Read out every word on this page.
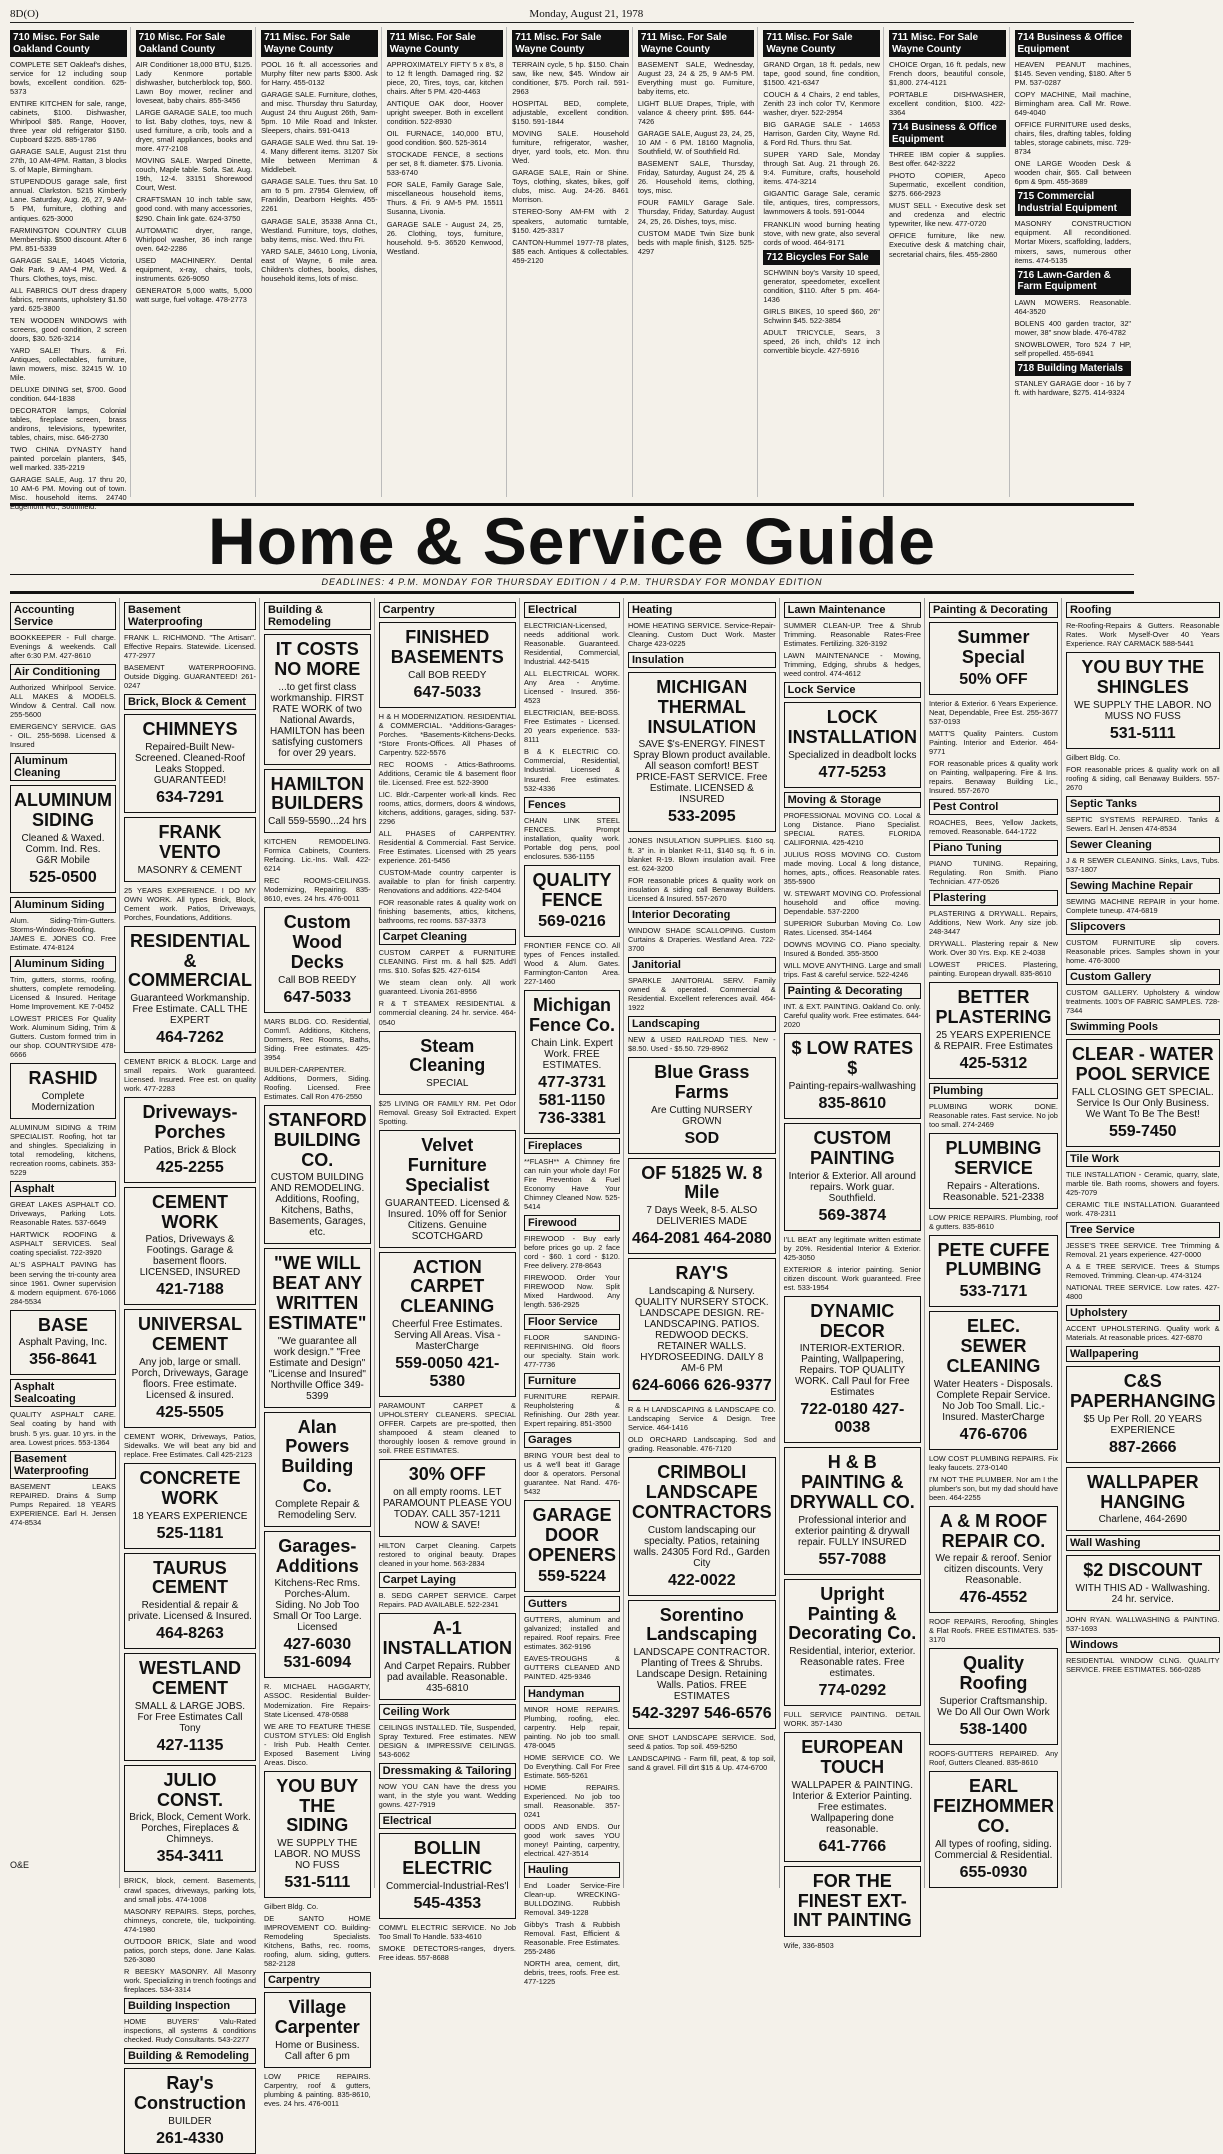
8D(O)	Monday, August 21, 1978
710 Misc. For Sale Oakland County

COMPLETE SET Oakleaf's dishes, service for 12 including soup bowls, excellent condition. 625-5373

ENTIRE KITCHEN for sale, range, cabinets, $100. Dishwasher, Whirlpool $85. Range, Hoover, three year old refrigerator $150. Cupboard $225. 885-1786

GARAGE SALE, August 21st thru 27th, 10 AM-4PM. Rattan, 3 blocks S. of Maple, Birmingham.

STUPENDOUS garage sale, first annual. Clarkston. 5215 Kimberly Lane. Saturday, Aug. 26, 27, 9 AM-5 PM, furniture, clothing and antiques. 625-3000

FARMINGTON COUNTRY CLUB Membership. $500 discount. After 6 PM. 851-5339

GARAGE SALE, 14045 Victoria, Oak Park. 9 AM-4 PM, Wed. & Thurs. Clothes, toys, misc.

ALL FABRICS OUT dress drapery fabrics, remnants, upholstery $1.50 yard. 625-3800

TEN WOODEN WINDOWS with screens, good condition, 2 screen doors, $30. 526-3214

YARD SALE! Thurs. & Fri. Antiques, collectables, furniture, lawn mowers, misc. 32415 W. 10 Mile.

DELUXE DINING set, $700. Good condition. 644-1838

DECORATOR lamps, Colonial tables, fireplace screen, brass andirons, televisions, typewriter, tables, chairs, misc. 646-2730

TWO CHINA DYNASTY hand painted porcelain planters, $45, well marked. 335-2219

GARAGE SALE, Aug. 17 thru 20, 10 AM-6 PM. Moving out of town. Misc. household items. 24740 Edgemont Rd., Southfield.

710 Misc. For Sale Oakland County

AIR Conditioner 18,000 BTU, $125. Lady Kenmore portable dishwasher, butcherblock top, $60. Lawn Boy mower, recliner and loveseat, baby chairs. 855-3456

LARGE GARAGE SALE, too much to list. Baby clothes, toys, new & used furniture, a crib, tools and a dryer, small appliances, books and more. 477-2108

MOVING SALE. Warped Dinette, couch, Maple table. Sofa. Sat. Aug. 19th, 12-4. 33151 Shorewood Court, West.

CRAFTSMAN 10 inch table saw, good cond. with many accessories, $290. Chain link gate. 624-3750

AUTOMATIC dryer, range, Whirlpool washer, 36 inch range oven. 642-2286

USED MACHINERY. Dental equipment, x-ray, chairs, tools, instruments. 626-9050

GENERATOR 5,000 watts, 5,000 watt surge, fuel voltage. 478-2773

711 Misc. For Sale Wayne County

POOL 16 ft. all accessories and Murphy filter new parts $300. Ask for Harry. 455-0132

GARAGE SALE. Furniture, clothes, and misc. Thursday thru Saturday, August 24 thru August 26th, 9am-5pm. 10 Mile Road and Inkster. Sleepers, chairs. 591-0413

GARAGE SALE Wed. thru Sat. 19-4. Many different items. 31207 Six Mile between Merriman & Middlebelt.

GARAGE SALE. Tues. thru Sat. 10 am to 5 pm. 27954 Glenview, off Franklin, Dearborn Heights. 455-2261

GARAGE SALE, 35338 Anna Ct., Westland. Furniture, toys, clothes, baby items, misc. Wed. thru Fri.

YARD SALE, 34610 Long, Livonia, east of Wayne, 6 mile area. Children's clothes, books, dishes, household items, lots of misc.

711 Misc. For Sale Wayne County

APPROXIMATELY FIFTY 5 x 8's, 8 to 12 ft length. Damaged ring. $2 piece, 20, Tires, toys, car, kitchen chairs. After 5 PM. 420-4463

ANTIQUE OAK door, Hoover upright sweeper. Both in excellent condition. 522-8930

OIL FURNACE, 140,000 BTU, good condition. $60. 525-3614

STOCKADE FENCE, 8 sections per set, 8 ft. diameter. $75. Livonia. 533-6740

FOR SALE, Family Garage Sale, miscellaneous household items, Thurs. & Fri. 9 AM-5 PM. 15511 Susanna, Livonia.

GARAGE SALE - August 24, 25, 26. Clothing, toys, furniture, household. 9-5. 36520 Kenwood, Westland.

711 Misc. For Sale Wayne County

TERRAIN cycle, 5 hp. $150. Chain saw, like new, $45. Window air conditioner, $75. Porch rail. 591-2963

HOSPITAL BED, complete, adjustable, excellent condition. $150. 591-1844

MOVING SALE. Household furniture, refrigerator, washer, dryer, yard tools, etc. Mon. thru Wed.

GARAGE SALE, Rain or Shine. Toys, clothing, skates, bikes, golf clubs, misc. Aug. 24-26. 8461 Morrison.

STEREO-Sony AM-FM with 2 speakers, automatic turntable, $150. 425-3317

CANTON-Hummel 1977-78 plates, $85 each. Antiques & collectables. 459-2120

711 Misc. For Sale Wayne County

BASEMENT SALE, Wednesday, August 23, 24 & 25, 9 AM-5 PM. Everything must go. Furniture, baby items, etc.

LIGHT BLUE Drapes, Triple, with valance & cheery print. $95. 644-7426

GARAGE SALE, August 23, 24, 25, 10 AM - 6 PM. 18160 Magnolia, Southfield, W. of Southfield Rd.

BASEMENT SALE, Thursday, Friday, Saturday, August 24, 25 & 26. Household items, clothing, toys, misc.

FOUR FAMILY Garage Sale. Thursday, Friday, Saturday. August 24, 25, 26. Dishes, toys, misc.

CUSTOM MADE Twin Size bunk beds with maple finish, $125. 525-4297

711 Misc. For Sale Wayne County

GRAND Organ, 18 ft. pedals, new tape, good sound, fine condition, $1500. 421-6347

COUCH & 4 Chairs, 2 end tables, Zenith 23 inch color TV, Kenmore washer, dryer. 522-2954

BIG GARAGE SALE - 14653 Harrison, Garden City, Wayne Rd. & Ford Rd. Thurs. thru Sat.

SUPER YARD Sale, Monday through Sat. Aug. 21 through 26. 9:4. Furniture, crafts, household items. 474-3214

GIGANTIC Garage Sale, ceramic tile, antiques, tires, compressors, lawnmowers & tools. 591-0044

FRANKLIN wood burning heating stove, with new grate, also several cords of wood. 464-9171

712 Bicycles For Sale

SCHWINN boy's Varsity 10 speed, generator, speedometer, excellent condition, $110. After 5 pm. 464-1436

GIRLS BIKES, 10 speed $60, 26" Schwinn $45. 522-3854

ADULT TRICYCLE, Sears, 3 speed, 26 inch, child's 12 inch convertible bicycle. 427-5916

711 Misc. For Sale Wayne County

CHOICE Organ, 16 ft. pedals, new French doors, beautiful console, $1,800. 274-4121

PORTABLE DISHWASHER, excellent condition, $100. 422-3364

714 Business & Office Equipment

THREE IBM copier & supplies. Best offer. 642-3222

PHOTO COPIER, Apeco Supermatic, excellent condition, $275. 666-2923

MUST SELL - Executive desk set and credenza and electric typewriter, like new. 477-0720

OFFICE furniture, like new. Executive desk & matching chair, secretarial chairs, files. 455-2860

714 Business & Office Equipment

HEAVEN PEANUT machines, $145. Seven vending, $180. After 5 PM. 537-0287

COPY MACHINE, Mail machine, Birmingham area. Call Mr. Rowe. 649-4040

OFFICE FURNITURE used desks, chairs, files, drafting tables, folding tables, storage cabinets, misc. 729-8734

ONE LARGE Wooden Desk & wooden chair, $65. Call between 6pm & 9pm. 455-3689

715 Commercial Industrial Equipment

MASONRY CONSTRUCTION equipment. All reconditioned. Mortar Mixers, scaffolding, ladders, mixers, saws, numerous other items. 474-5135

716 Lawn-Garden & Farm Equipment

LAWN MOWERS. Reasonable. 464-3520

BOLENS 400 garden tractor, 32" mower, 38" snow blade. 476-4782

SNOWBLOWER, Toro 524 7 HP, self propelled. 455-6941

718 Building Materials

STANLEY GARAGE door - 16 by 7 ft. with hardware, $275. 414-9324

Home & Service Guide
DEADLINES: 4 P.M. MONDAY FOR THURSDAY EDITION / 4 P.M. THURSDAY FOR MONDAY EDITION
Accounting Service

BOOKKEEPER - Full charge. Evenings & weekends. Call after 6:30 P.M. 427-8610

Air Conditioning

Authorized Whirlpool Service. ALL MAKES & MODELS. Window & Central. Call now. 255-5600

EMERGENCY SERVICE. GAS - OIL. 255-5698. Licensed & Insured

Aluminum Cleaning
ALUMINUM SIDING
Cleaned & Waxed. Comm. Ind. Res. G&R Mobile
525-0500
Aluminum Siding

Alum. Siding-Trim-Gutters. Storms-Windows-Roofing. JAMES E. JONES CO. Free Estimate. 474-8124

Aluminum Siding

Trim, gutters, storms, roofing, shutters, complete remodeling. Licensed & Insured. Heritage Home Improvement. KE 7-0452

LOWEST PRICES For Quality Work. Aluminum Siding, Trim & Gutters. Custom formed trim in our shop. COUNTRYSIDE 478-6666

RASHID
Complete Modernization

ALUMINUM SIDING & TRIM SPECIALIST. Roofing, hot tar and shingles. Specializing in total remodeling, kitchens, recreation rooms, cabinets. 353-5229

Asphalt

GREAT LAKES ASPHALT CO. Driveways, Parking Lots. Reasonable Rates. 537-6649

HARTWICK ROOFING & ASPHALT SERVICES. Seal coating specialist. 722-3920

AL'S ASPHALT PAVING has been serving the tri-county area since 1961. Owner supervision & modern equipment. 676-1066 284-5534

BASE
Asphalt Paving, Inc.
356-8641
Asphalt Sealcoating

QUALITY ASPHALT CARE. Seal coating by hand with brush. 5 yrs. guar. 10 yrs. in the area. Lowest prices. 553-1364

Basement Waterproofing

BASEMENT LEAKS REPAIRED. Drains & Sump Pumps Repaired. 18 YEARS EXPERIENCE. Earl H. Jensen 474-8534

Basement Waterproofing

FRANK L. RICHMOND. "The Artisan". Effective Repairs. Statewide. Licensed. 477-2977

BASEMENT WATERPROOFING. Outside Digging. GUARANTEED! 261-0247

Brick, Block & Cement
CHIMNEYS
Repaired-Built New-Screened. Cleaned-Roof Leaks Stopped. GUARANTEED!
634-7291
FRANK VENTO
MASONRY & CEMENT

25 YEARS EXPERIENCE. I DO MY OWN WORK. All types Brick, Block, Cement work. Patios, Driveways, Porches, Foundations, Additions.

RESIDENTIAL & COMMERCIAL
Guaranteed Workmanship. Free Estimate. CALL THE EXPERT
464-7262

CEMENT BRICK & BLOCK. Large and small repairs. Work guaranteed. Licensed. Insured. Free est. on quality work. 477-2283

Driveways-Porches
Patios, Brick & Block
425-2255
CEMENT WORK
Patios, Driveways & Footings. Garage & basement floors. LICENSED, INSURED
421-7188
UNIVERSAL CEMENT
Any job, large or small. Porch, Driveways, Garage floors. Free estimate. Licensed & insured.
425-5505

CEMENT WORK, Driveways, Patios, Sidewalks. We will beat any bid and replace. Free Estimates. Call 425-2123

CONCRETE WORK
18 YEARS EXPERIENCE
525-1181
TAURUS CEMENT
Residential & repair & private. Licensed & Insured.
464-8263
WESTLAND CEMENT
SMALL & LARGE JOBS. For Free Estimates Call Tony
427-1135
JULIO CONST.
Brick, Block, Cement Work. Porches, Fireplaces & Chimneys.
354-3411

BRICK, block, cement. Basements, crawl spaces, driveways, parking lots, and small jobs. 474-1008

MASONRY REPAIRS. Steps, porches, chimneys, concrete, tile, tuckpointing. 474-1980

OUTDOOR BRICK, Slate and wood patios, porch steps, done. Jane Kalas. 526-3080

R BEESKY MASONRY. All Masonry work. Specializing in trench footings and fireplaces. 534-3314

Building Inspection

HOME BUYERS' Valu-Rated inspections, all systems & conditions checked. Rudy Consultants. 543-2277

Building & Remodeling
Ray's Construction
BUILDER
261-4330
Building & Remodeling
IT COSTS NO MORE
...to get first class workmanship. FIRST RATE WORK of two National Awards, HAMILTON has been satisfying customers for over 29 years.
HAMILTON BUILDERS
Call 559-5590...24 hrs

KITCHEN REMODELING. Formica Cabinets, Counters. Refacing. Lic.-Ins. Wall. 422-6214

REC ROOMS-CEILINGS. Modernizing, Repairing. 835-8610, eves. 24 hrs. 476-0011

Custom Wood Decks
Call BOB REEDY
647-5033

MARS BLDG. CO. Residential, Comm'l. Additions, Kitchens, Dormers, Rec Rooms, Baths, Siding. Free estimates. 425-3954

BUILDER-CARPENTER. Additions, Dormers, Siding. Roofing. Licensed. Free Estimates. Call Ron 476-2550

STANFORD BUILDING CO.
CUSTOM BUILDING AND REMODELING. Additions, Roofing, Kitchens, Baths, Basements, Garages, etc.
"WE WILL BEAT ANY WRITTEN ESTIMATE"
"We guarantee all work design." "Free Estimate and Design" "License and Insured" Northville Office 349-5399
Alan Powers Building Co.
Complete Repair & Remodeling Serv.
Garages-Additions
Kitchens-Rec Rms. Porches-Alum. Siding. No Job Too Small Or Too Large. Licensed
427-6030 531-6094

R. MICHAEL HAGGARTY, ASSOC. Residential Builder-Modernization. Fire Repairs-State Licensed. 478-0588

WE ARE TO FEATURE THESE CUSTOM STYLES: Old English - Irish Pub. Health Center. Exposed Basement Living Areas. Disco.

YOU BUY THE SIDING
WE SUPPLY THE LABOR. NO MUSS NO FUSS
531-5111

Gilbert Bldg. Co.

DE SANTO HOME IMPROVEMENT CO. Building-Remodeling Specialists. Kitchens, Baths, rec. rooms, roofing, alum. siding, gutters. 582-2128

Carpentry
Village Carpenter
Home or Business. Call after 6 pm

LOW PRICE REPAIRS. Carpentry, roof & gutters, plumbing & painting. 835-8610, eves. 24 hrs. 476-0011

Carpentry
FINISHED BASEMENTS
Call BOB REEDY
647-5033

H & H MODERNIZATION. RESIDENTIAL & COMMERCIAL. *Additions-Garages-Porches. *Basements-Kitchens-Decks. *Store Fronts-Offices. All Phases of Carpentry. 522-5576

REC ROOMS - Attics-Bathrooms. Additions, Ceramic tile & basement floor tile. Licensed. Free est. 522-3900

LIC. Bldr.-Carpenter work-all kinds. Rec rooms, attics, dormers, doors & windows, kitchens, additions, garages, siding. 537-2296

ALL PHASES of CARPENTRY. Residential & Commercial. Fast Service. Free Estimates. Licensed with 25 years experience. 261-5456

CUSTOM-Made country carpenter is available to plan for finish carpentry. Renovations and additions. 422-5404

FOR reasonable rates & quality work on finishing basements, attics, kitchens, bathrooms, rec rooms. 537-3373

Carpet Cleaning

CUSTOM CARPET & FURNITURE CLEANING. First rm. & hall $25. Add'l rms. $10. Sofas $25. 427-6154

We steam clean only. All work guaranteed. Livonia 261-8956

R & T STEAMEX RESIDENTIAL & commercial cleaning. 24 hr. service. 464-0540

Steam Cleaning
SPECIAL

$25 LIVING OR FAMILY RM. Pet Odor Removal. Greasy Soil Extracted. Expert Spotting.

Velvet Furniture Specialist
GUARANTEED. Licensed & Insured. 10% off for Senior Citizens. Genuine SCOTCHGARD
ACTION CARPET CLEANING
Cheerful Free Estimates. Serving All Areas. Visa - MasterCharge
559-0050 421-5380

PARAMOUNT CARPET & UPHOLSTERY CLEANERS. SPECIAL OFFER. Carpets are pre-spotted, then shampooed & steam cleaned to thoroughly loosen & remove ground in soil. FREE ESTIMATES.

30% OFF
on all empty rooms. LET PARAMOUNT PLEASE YOU TODAY. CALL 357-1211 NOW & SAVE!

HILTON Carpet Cleaning. Carpets restored to original beauty. Drapes cleaned in your home. 563-2834

Carpet Laying

B. SEDG CARPET SERVICE. Carpet Repairs. PAD AVAILABLE. 522-2341

A-1 INSTALLATION
And Carpet Repairs. Rubber pad available. Reasonable. 435-6810
Ceiling Work

CEILINGS INSTALLED. Tile, Suspended, Spray Textured. Free estimates. NEW DESIGN & IMPRESSIVE CEILINGS. 543-6062

Dressmaking & Tailoring

NOW YOU CAN have the dress you want, in the style you want. Wedding gowns. 427-7919

Electrical
BOLLIN ELECTRIC
Commercial-Industrial-Res'l
545-4353

COMM'L ELECTRIC SERVICE. No Job Too Small To Handle. 533-4610

SMOKE DETECTORS-ranges, dryers. Free ideas. 557-8688

Electrical

ELECTRICIAN-Licensed, needs additional work. Reasonable. Guaranteed. Residential, Commercial, Industrial. 442-5415

ALL ELECTRICAL WORK. Any Area - Anytime. Licensed - Insured. 356-4523

ELECTRICIAN, BEE-BOSS. Free Estimates - Licensed. 20 years experience. 533-8111

B & K ELECTRIC CO. Commercial, Residential, Industrial. Licensed & Insured. Free estimates. 532-4336

Fences

CHAIN LINK STEEL FENCES. Prompt installation, quality work. Portable dog pens, pool enclosures. 536-1155

QUALITY FENCE
569-0216

FRONTIER FENCE CO. All types of Fences installed. Wood & Alum. Gates. Farmington-Canton Area. 227-1460

Michigan Fence Co.
Chain Link. Expert Work. FREE ESTIMATES.
477-3731 581-1150 736-3381
Fireplaces

**FLASH** A Chimney fire can ruin your whole day! For Fire Prevention & Fuel Economy Have Your Chimney Cleaned Now. 525-5414

Firewood

FIREWOOD - Buy early before prices go up. 2 face cord - $60. 1 cord - $120. Free delivery. 278-8643

FIREWOOD. Order Your FIREWOOD Now. Split Mixed Hardwood. Any length. 536-2925

Floor Service

FLOOR SANDING-REFINISHING. Old floors our specialty. Stain work. 477-7736

Furniture

FURNITURE REPAIR. Reupholstering & Refinishing. Our 28th year. Expert repairing. 851-3500

Garages

BRING YOUR best deal to us & we'll beat it! Garage door & operators. Personal guarantee. Nat Rand. 476-5432

GARAGE DOOR OPENERS
559-5224
Gutters

GUTTERS, aluminum and galvanized; installed and repaired. Roof repairs. Free estimates. 362-9196

EAVES-TROUGHS & GUTTERS CLEANED AND PAINTED. 425-9346

Handyman

MINOR HOME REPAIRS. Plumbing, roofing, elec. carpentry. Help repair, painting. No job too small. 478-0045

HOME SERVICE CO. We Do Everything. Call For Free Estimate. 565-5261

HOME REPAIRS. Experienced. No job too small. Reasonable. 357-0241

ODDS AND ENDS. Our good work saves YOU money! Painting, carpentry, electrical. 427-3514

Hauling

End Loader Service-Fire Clean-up. WRECKING-BULLDOZING. Rubbish Removal. 349-1228

Gibby's Trash & Rubbish Removal. Fast, Efficient & Reasonable. Free Estimates. 255-2486

NORTH area, cement, dirt, debris, trees, roofs. Free est. 477-1225

Heating

HOME HEATING SERVICE. Service-Repair-Cleaning. Custom Duct Work. Master Charge 423-0225

Insulation
MICHIGAN THERMAL INSULATION
SAVE $'s-ENERGY. FINEST Spray Blown product available. All season comfort! BEST PRICE-FAST SERVICE. Free Estimate. LICENSED & INSURED
533-2095

JONES INSULATION SUPPLIES. $160 sq. ft. 3" in. in blanket R-11, $140 sq. ft. 6 in. blanket R-19. Blown insulation avail. Free est. 624-3200

FOR reasonable prices & quality work on insulation & siding call Benaway Builders. Licensed & Insured. 557-2670

Interior Decorating

WINDOW SHADE SCALLOPING. Custom Curtains & Draperies. Westland Area. 722-3700

Janitorial

SPARKLE JANITORIAL SERV. Family owned & operated. Commercial & Residential. Excellent references avail. 464-1922

Landscaping

NEW & USED RAILROAD TIES. New - $8.50. Used - $5.50. 729-8962

Blue Grass Farms
Are Cutting NURSERY GROWN
SOD
OF 51825 W. 8 Mile
7 Days Week, 8-5. ALSO DELIVERIES MADE
464-2081 464-2080
RAY'S
Landscaping & Nursery. QUALITY NURSERY STOCK. LANDSCAPE DESIGN. RE-LANDSCAPING. PATIOS. REDWOOD DECKS. RETAINER WALLS. HYDROSEEDING. DAILY 8 AM-6 PM
624-6066 626-9377

R & H LANDSCAPING & LANDSCAPE CO. Landscaping Service & Design. Tree Service. 464-1416

OLD ORCHARD Landscaping. Sod and grading. Reasonable. 476-7120

CRIMBOLI LANDSCAPE CONTRACTORS
Custom landscaping our specialty. Patios, retaining walls. 24305 Ford Rd., Garden City
422-0022
Sorentino Landscaping
LANDSCAPE CONTRACTOR. Planting of Trees & Shrubs. Landscape Design. Retaining Walls. Patios. FREE ESTIMATES
542-3297 546-6576

ONE SHOT LANDSCAPE SERVICE. Sod, seed & patios. Top soil. 459-5250

LANDSCAPING - Farm fill, peat, & top soil, sand & gravel. Fill dirt $15 & Up. 474-6700

Lawn Maintenance

SUMMER CLEAN-UP. Tree & Shrub Trimming. Reasonable Rates-Free Estimates. Fertilizing. 326-3192

LAWN MAINTENANCE - Mowing, Trimming, Edging, shrubs & hedges, weed control. 474-4612

Lock Service
LOCK INSTALLATION
Specialized in deadbolt locks
477-5253
Moving & Storage

PROFESSIONAL MOVING CO. Local & Long Distance. Piano Specialist. SPECIAL RATES. FLORIDA CALIFORNIA. 425-4210

JULIUS ROSS MOVING CO. Custom made moving. Local & long distance, homes, apts., offices. Reasonable rates. 355-5900

W. STEWART MOVING CO. Professional household and office moving. Dependable. 537-2200

SUPERIOR Suburban Moving Co. Low Rates. Licensed. 354-1464

DOWNS MOVING CO. Piano specialty. Insured & Bonded. 355-3500

WILL MOVE ANYTHING. Large and small trips. Fast & careful service. 522-4246

Painting & Decorating

INT. & EXT. PAINTING. Oakland Co. only. Careful quality work. Free estimates. 644-2020

$ LOW RATES $
Painting-repairs-wallwashing
835-8610
CUSTOM PAINTING
Interior & Exterior. All around repairs. Work guar. Southfield.
569-3874

I'LL BEAT any legitimate written estimate by 20%. Residential Interior & Exterior. 425-3050

EXTERIOR & interior painting. Senior citizen discount. Work guaranteed. Free est. 533-1954

DYNAMIC DECOR
INTERIOR-EXTERIOR. Painting, Wallpapering, Repairs. TOP QUALITY WORK. Call Paul for Free Estimates
722-0180 427-0038
H & B PAINTING & DRYWALL CO.
Professional interior and exterior painting & drywall repair. FULLY INSURED
557-7088
Upright Painting & Decorating Co.
Residential, interior, exterior. Reasonable rates. Free estimates.
774-0292

FULL SERVICE PAINTING. DETAIL WORK. 357-1430

EUROPEAN TOUCH
WALLPAPER & PAINTING. Interior & Exterior Painting. Free estimates. Wallpapering done reasonable.
641-7766
FOR THE FINEST EXT-INT PAINTING

Wife, 336-8503

Painting & Decorating
Summer Special
50% OFF

Interior & Exterior. 6 Years Experience. Neat, Dependable, Free Est. 255-3677 537-0193

MATT'S Quality Painters. Custom Painting. Interior and Exterior. 464-9771

FOR reasonable prices & quality work on Painting, wallpapering. Fire & Ins. repairs. Benaway Building Lic., Insured. 557-2670

Pest Control

ROACHES, Bees, Yellow Jackets, removed. Reasonable. 644-1722

Piano Tuning

PIANO TUNING. Repairing, Regulating. Ron Smith. Piano Technician. 477-0526

Plastering

PLASTERING & DRYWALL. Repairs, Additions, New Work. Any size job. 248-3447

DRYWALL. Plastering repair & New Work. Over 30 Yrs. Exp. KE 2-4038

LOWEST PRICES. Plastering, painting. European drywall. 835-8610

BETTER PLASTERING
25 YEARS EXPERIENCE & REPAIR. Free Estimates
425-5312
Plumbing

PLUMBING WORK DONE. Reasonable rates. Fast service. No job too small. 274-2469

PLUMBING SERVICE
Repairs - Alterations. Reasonable. 521-2338

LOW PRICE REPAIRS. Plumbing, roof & gutters. 835-8610

PETE CUFFE PLUMBING
533-7171
ELEC. SEWER CLEANING
Water Heaters - Disposals. Complete Repair Service. No Job Too Small. Lic.-Insured. MasterCharge
476-6706

LOW COST PLUMBING REPAIRS. Fix leaky faucets. 273-0140

I'M NOT THE PLUMBER. Nor am I the plumber's son, but my dad should have been. 464-2255

A & M ROOF REPAIR CO.
We repair & reroof. Senior citizen discounts. Very Reasonable.
476-4552

ROOF REPAIRS, Reroofing, Shingles & Flat Roofs. FREE ESTIMATES. 535-3170

Quality Roofing
Superior Craftsmanship. We Do All Our Own Work
538-1400

ROOFS-GUTTERS REPAIRED. Any Roof, Gutters Cleaned. 835-8610

EARL FEIZHOMMER CO.
All types of roofing, siding. Commercial & Residential.
655-0930
Roofing

Re-Roofing-Repairs & Gutters. Reasonable Rates. Work Myself-Over 40 Years Experience. RAY CARMACK 588-5441

YOU BUY THE SHINGLES
WE SUPPLY THE LABOR. NO MUSS NO FUSS
531-5111

Gilbert Bldg. Co.

FOR reasonable prices & quality work on all roofing & siding, call Benaway Builders. 557-2670

Septic Tanks

SEPTIC SYSTEMS REPAIRED. Tanks & Sewers. Earl H. Jensen 474-8534

Sewer Cleaning

J & R SEWER CLEANING. Sinks, Lavs, Tubs. 537-1807

Sewing Machine Repair

SEWING MACHINE REPAIR in your home. Complete tuneup. 474-6819

Slipcovers

CUSTOM FURNITURE slip covers. Reasonable prices. Samples shown in your home. 476-3000

Custom Gallery

CUSTOM GALLERY. Upholstery & window treatments. 100's OF FABRIC SAMPLES. 728-7344

Swimming Pools
CLEAR - WATER POOL SERVICE
FALL CLOSING GET SPECIAL. Service Is Our Only Business. We Want To Be The Best!
559-7450
Tile Work

TILE INSTALLATION - Ceramic, quarry, slate, marble tile. Bath rooms, showers and foyers. 425-7079

CERAMIC TILE INSTALLATION. Guaranteed work. 478-2311

Tree Service

JESSE'S TREE SERVICE. Tree Trimming & Removal. 21 years experience. 427-0000

A & E TREE SERVICE. Trees & Stumps Removed. Trimming. Clean-up. 474-3124

NATIONAL TREE SERVICE. Low rates. 427-4800

Upholstery

ACCENT UPHOLSTERING. Quality work & Materials. At reasonable prices. 427-6870

Wallpapering
C&S PAPERHANGING
$5 Up Per Roll. 20 YEARS EXPERIENCE
887-2666
WALLPAPER HANGING
Charlene, 464-2690
Wall Washing
$2 DISCOUNT
WITH THIS AD - Wallwashing. 24 hr. service.

JOHN RYAN. WALLWASHING & PAINTING. 537-1693

Windows

RESIDENTIAL WINDOW CLNG. QUALITY SERVICE. FREE ESTIMATES. 566-0285

O&E
